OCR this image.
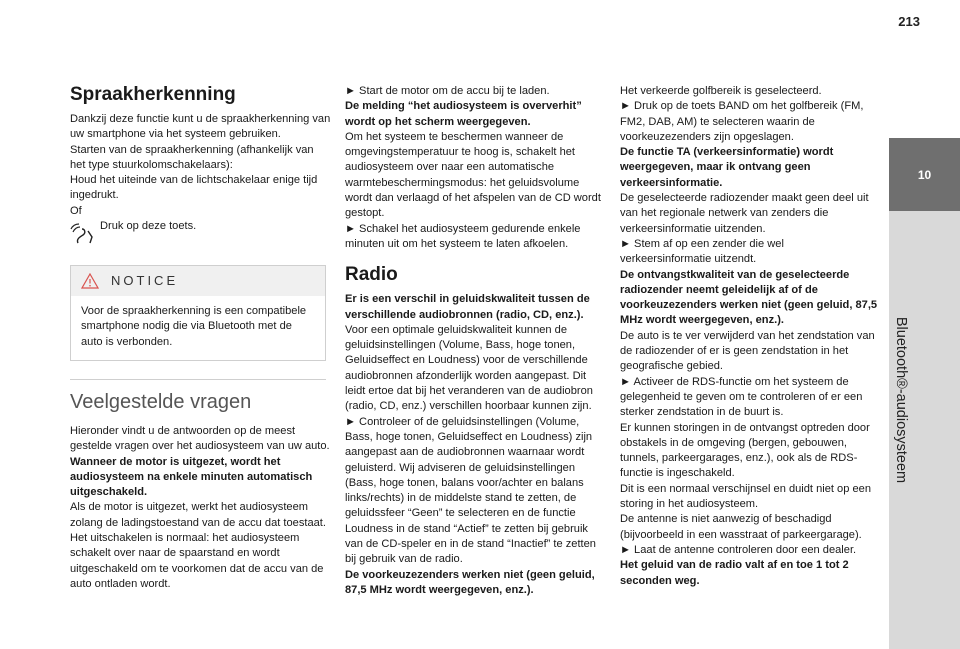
213
10
Bluetooth®-audiosysteem
Spraakherkenning

Dankzij deze functie kunt u de spraakherkenning van uw smartphone via het systeem gebruiken.

Starten van de spraakherkenning (afhankelijk van het type stuurkolomschakelaars):

Houd het uiteinde van de lichtschakelaar enige tijd ingedrukt.

Of

Druk op deze toets.

NOTICE

Voor de spraakherkenning is een compatibele smartphone nodig die via Bluetooth met de auto is verbonden.

Veelgestelde vragen

Hieronder vindt u de antwoorden op de meest gestelde vragen over het audiosysteem van uw auto.

Wanneer de motor is uitgezet, wordt het audiosysteem na enkele minuten automatisch uitgeschakeld.

Als de motor is uitgezet, werkt het audiosysteem zolang de ladingstoestand van de accu dat toestaat.

Het uitschakelen is normaal: het audiosysteem schakelt over naar de spaarstand en wordt uitgeschakeld om te voorkomen dat de accu van de auto ontladen wordt.

► Start de motor om de accu bij te laden.

De melding “het audiosysteem is oververhit” wordt op het scherm weergegeven.

Om het systeem te beschermen wanneer de omgevingstemperatuur te hoog is, schakelt het audiosysteem over naar een automatische warmtebeschermingsmodus: het geluidsvolume wordt dan verlaagd of het afspelen van de CD wordt gestopt.

► Schakel het audiosysteem gedurende enkele minuten uit om het systeem te laten afkoelen.

Radio

Er is een verschil in geluidskwaliteit tussen de verschillende audiobronnen (radio, CD, enz.).

Voor een optimale geluidskwaliteit kunnen de geluidsinstellingen (Volume, Bass, hoge tonen, Geluidseffect en Loudness) voor de verschillende audiobronnen afzonderlijk worden aangepast. Dit leidt ertoe dat bij het veranderen van de audiobron (radio, CD, enz.) verschillen hoorbaar kunnen zijn.

► Controleer of de geluidsinstellingen (Volume, Bass, hoge tonen, Geluidseffect en Loudness) zijn aangepast aan de audiobronnen waarnaar wordt geluisterd. Wij adviseren de geluidsinstellingen (Bass, hoge tonen, balans voor/achter en balans links/rechts) in de middelste stand te zetten, de geluidssfeer “Geen” te selecteren en de functie Loudness in de stand “Actief” te zetten bij gebruik van de CD-speler en in de stand “Inactief” te zetten bij gebruik van de radio.

De voorkeuzezenders werken niet (geen geluid, 87,5 MHz wordt weergegeven, enz.).

Het verkeerde golfbereik is geselecteerd.

► Druk op de toets BAND om het golfbereik (FM, FM2, DAB, AM) te selecteren waarin de voorkeuzezenders zijn opgeslagen.

De functie TA (verkeersinformatie) wordt weergegeven, maar ik ontvang geen verkeersinformatie.

De geselecteerde radiozender maakt geen deel uit van het regionale netwerk van zenders die verkeersinformatie uitzenden.

► Stem af op een zender die wel verkeersinformatie uitzendt.

De ontvangstkwaliteit van de geselecteerde radiozender neemt geleidelijk af of de voorkeuzezenders werken niet (geen geluid, 87,5 MHz wordt weergegeven, enz.).

De auto is te ver verwijderd van het zendstation van de radiozender of er is geen zendstation in het geografische gebied.

► Activeer de RDS-functie om het systeem de gelegenheid te geven om te controleren of er een sterker zendstation in de buurt is.

Er kunnen storingen in de ontvangst optreden door obstakels in de omgeving (bergen, gebouwen, tunnels, parkeergarages, enz.), ook als de RDS-functie is ingeschakeld.

Dit is een normaal verschijnsel en duidt niet op een storing in het audiosysteem.

De antenne is niet aanwezig of beschadigd (bijvoorbeeld in een wasstraat of parkeergarage).

► Laat de antenne controleren door een dealer.

Het geluid van de radio valt af en toe 1 tot 2 seconden weg.
